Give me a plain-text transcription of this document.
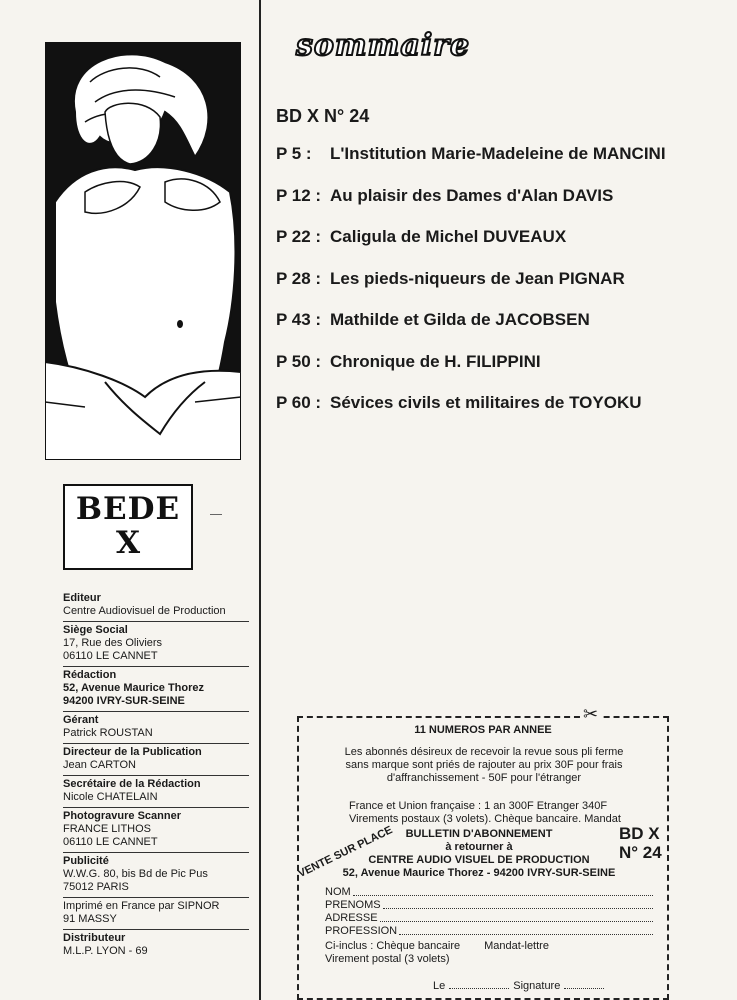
BEDE
X
Editeur
Centre Audiovisuel de Production
Siège Social
17, Rue des Oliviers
06110 LE CANNET
Rédaction
52, Avenue Maurice Thorez
94200 IVRY-SUR-SEINE
Gérant
Patrick ROUSTAN
Directeur de la Publication
Jean CARTON
Secrétaire de la Rédaction
Nicole CHATELAIN
Photogravure Scanner
FRANCE LITHOS
06110 LE CANNET
Publicité
W.W.G. 80, bis Bd de Pic Pus
75012 PARIS
Imprimé en France par SIPNOR
91 MASSY
Distributeur
M.L.P. LYON - 69
sommaire
BD X N° 24
P 5 : L'Institution Marie-Madeleine de MANCINI
P 12 : Au plaisir des Dames d'Alan DAVIS
P 22 : Caligula de Michel DUVEAUX
P 28 : Les pieds-niqueurs de Jean PIGNAR
P 43 : Mathilde et Gilda de JACOBSEN
P 50 : Chronique de H. FILIPPINI
P 60 : Sévices civils et militaires de TOYOKU
11 NUMEROS PAR ANNEE
Les abonnés désireux de recevoir la revue sous pli ferme
sans marque sont priés de rajouter au prix 30F pour frais
d'affranchissement - 50F pour l'étranger
France et Union française : 1 an 300F Etranger 340F
Virements postaux (3 volets). Chèque bancaire. Mandat
VENTE SUR PLACE	BULLETIN D'ABONNEMENT
à retourner à
CENTRE AUDIO VISUEL DE PRODUCTION
52, Avenue Maurice Thorez - 94200 IVRY-SUR-SEINE
BD X
N° 24
NOM
PRENOMS
ADRESSE
PROFESSION
Ci-inclus : Chèque bancaire Mandat-lettre
Virement postal (3 volets)
Le	Signature
✂
